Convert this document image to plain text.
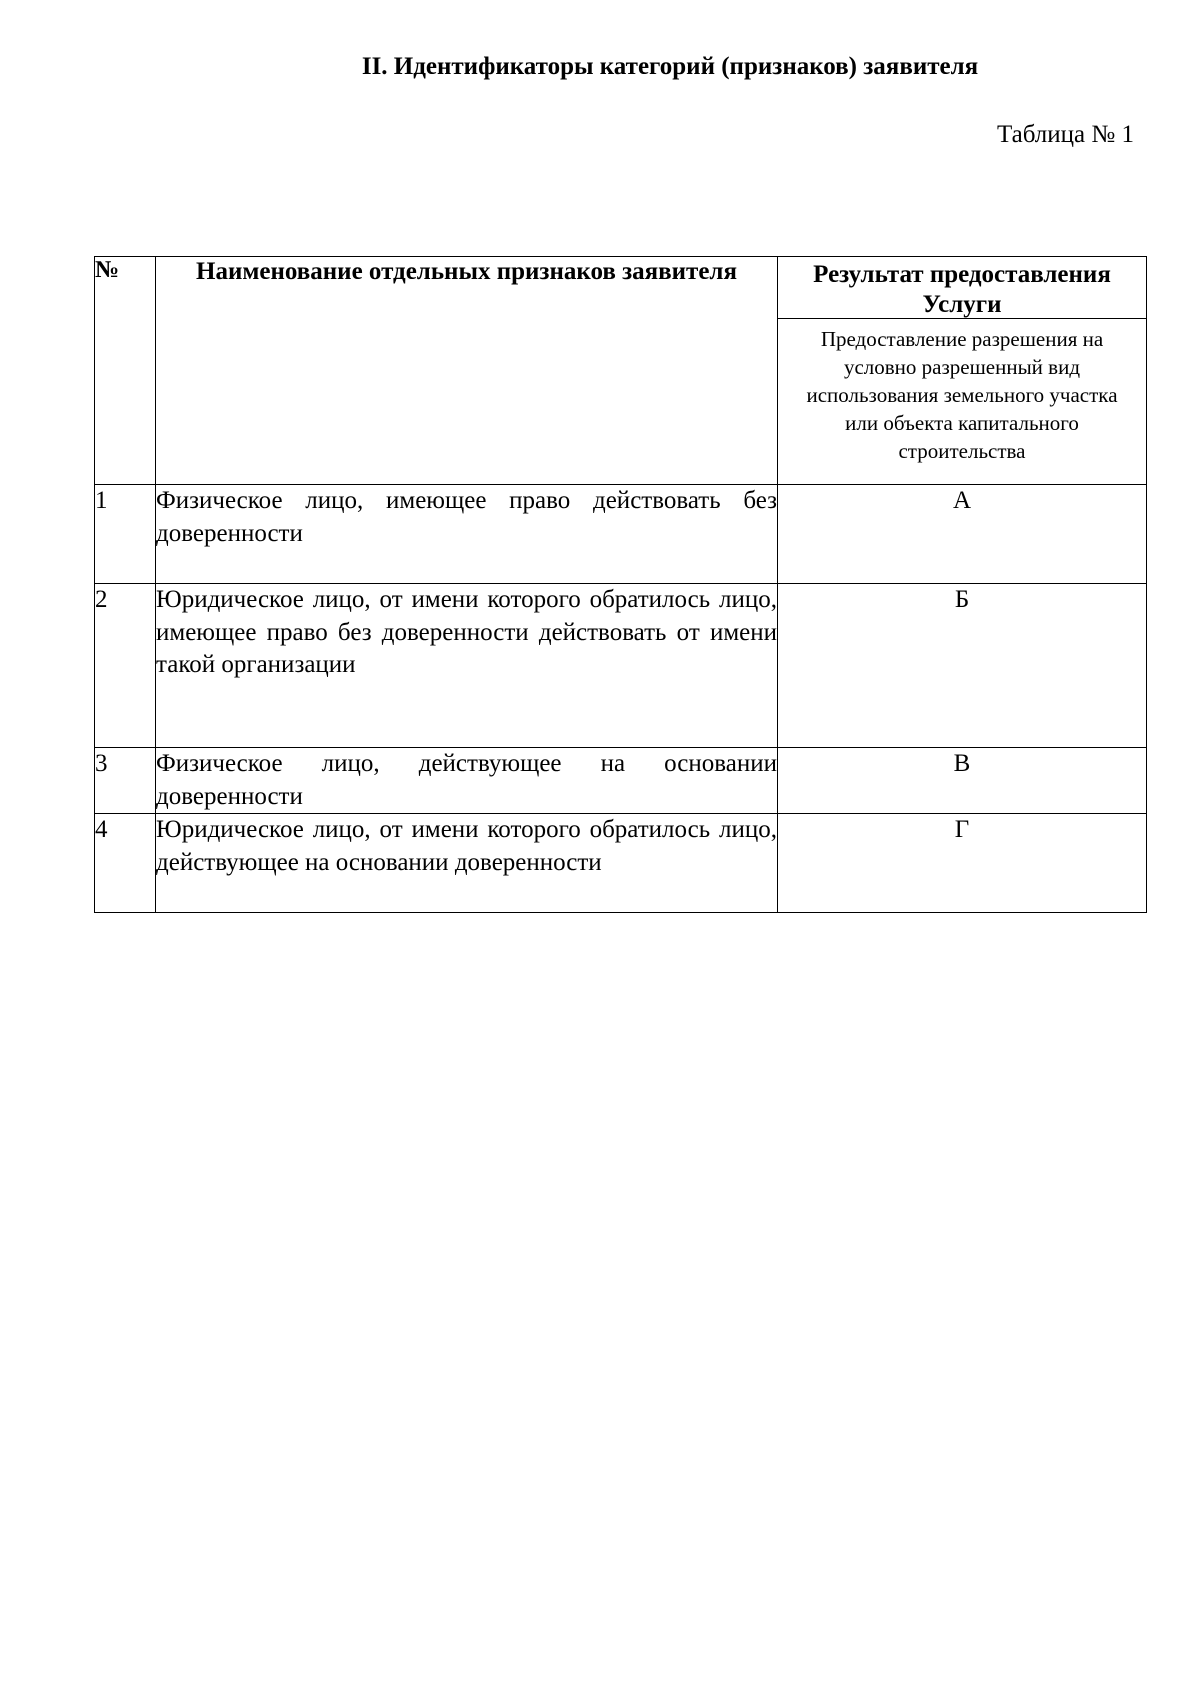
II. Идентификаторы категорий (признаков) заявителя
Таблица № 1
№	Наименование отдельных признаков заявителя	Результат предоставления Услуги
Предоставление разрешения на условно разрешенный вид использования земельного участка или объекта капитального строительства

1	Физическое лицо, имеющее право действовать без доверенности	А
2	Юридическое лицо, от имени которого обратилось лицо, имеющее право без доверенности действовать от имени такой организации	Б
3	Физическое лицо, действующее на основании доверенности	В
4	Юридическое лицо, от имени которого обратилось лицо, действующее на основании доверенности	Г
